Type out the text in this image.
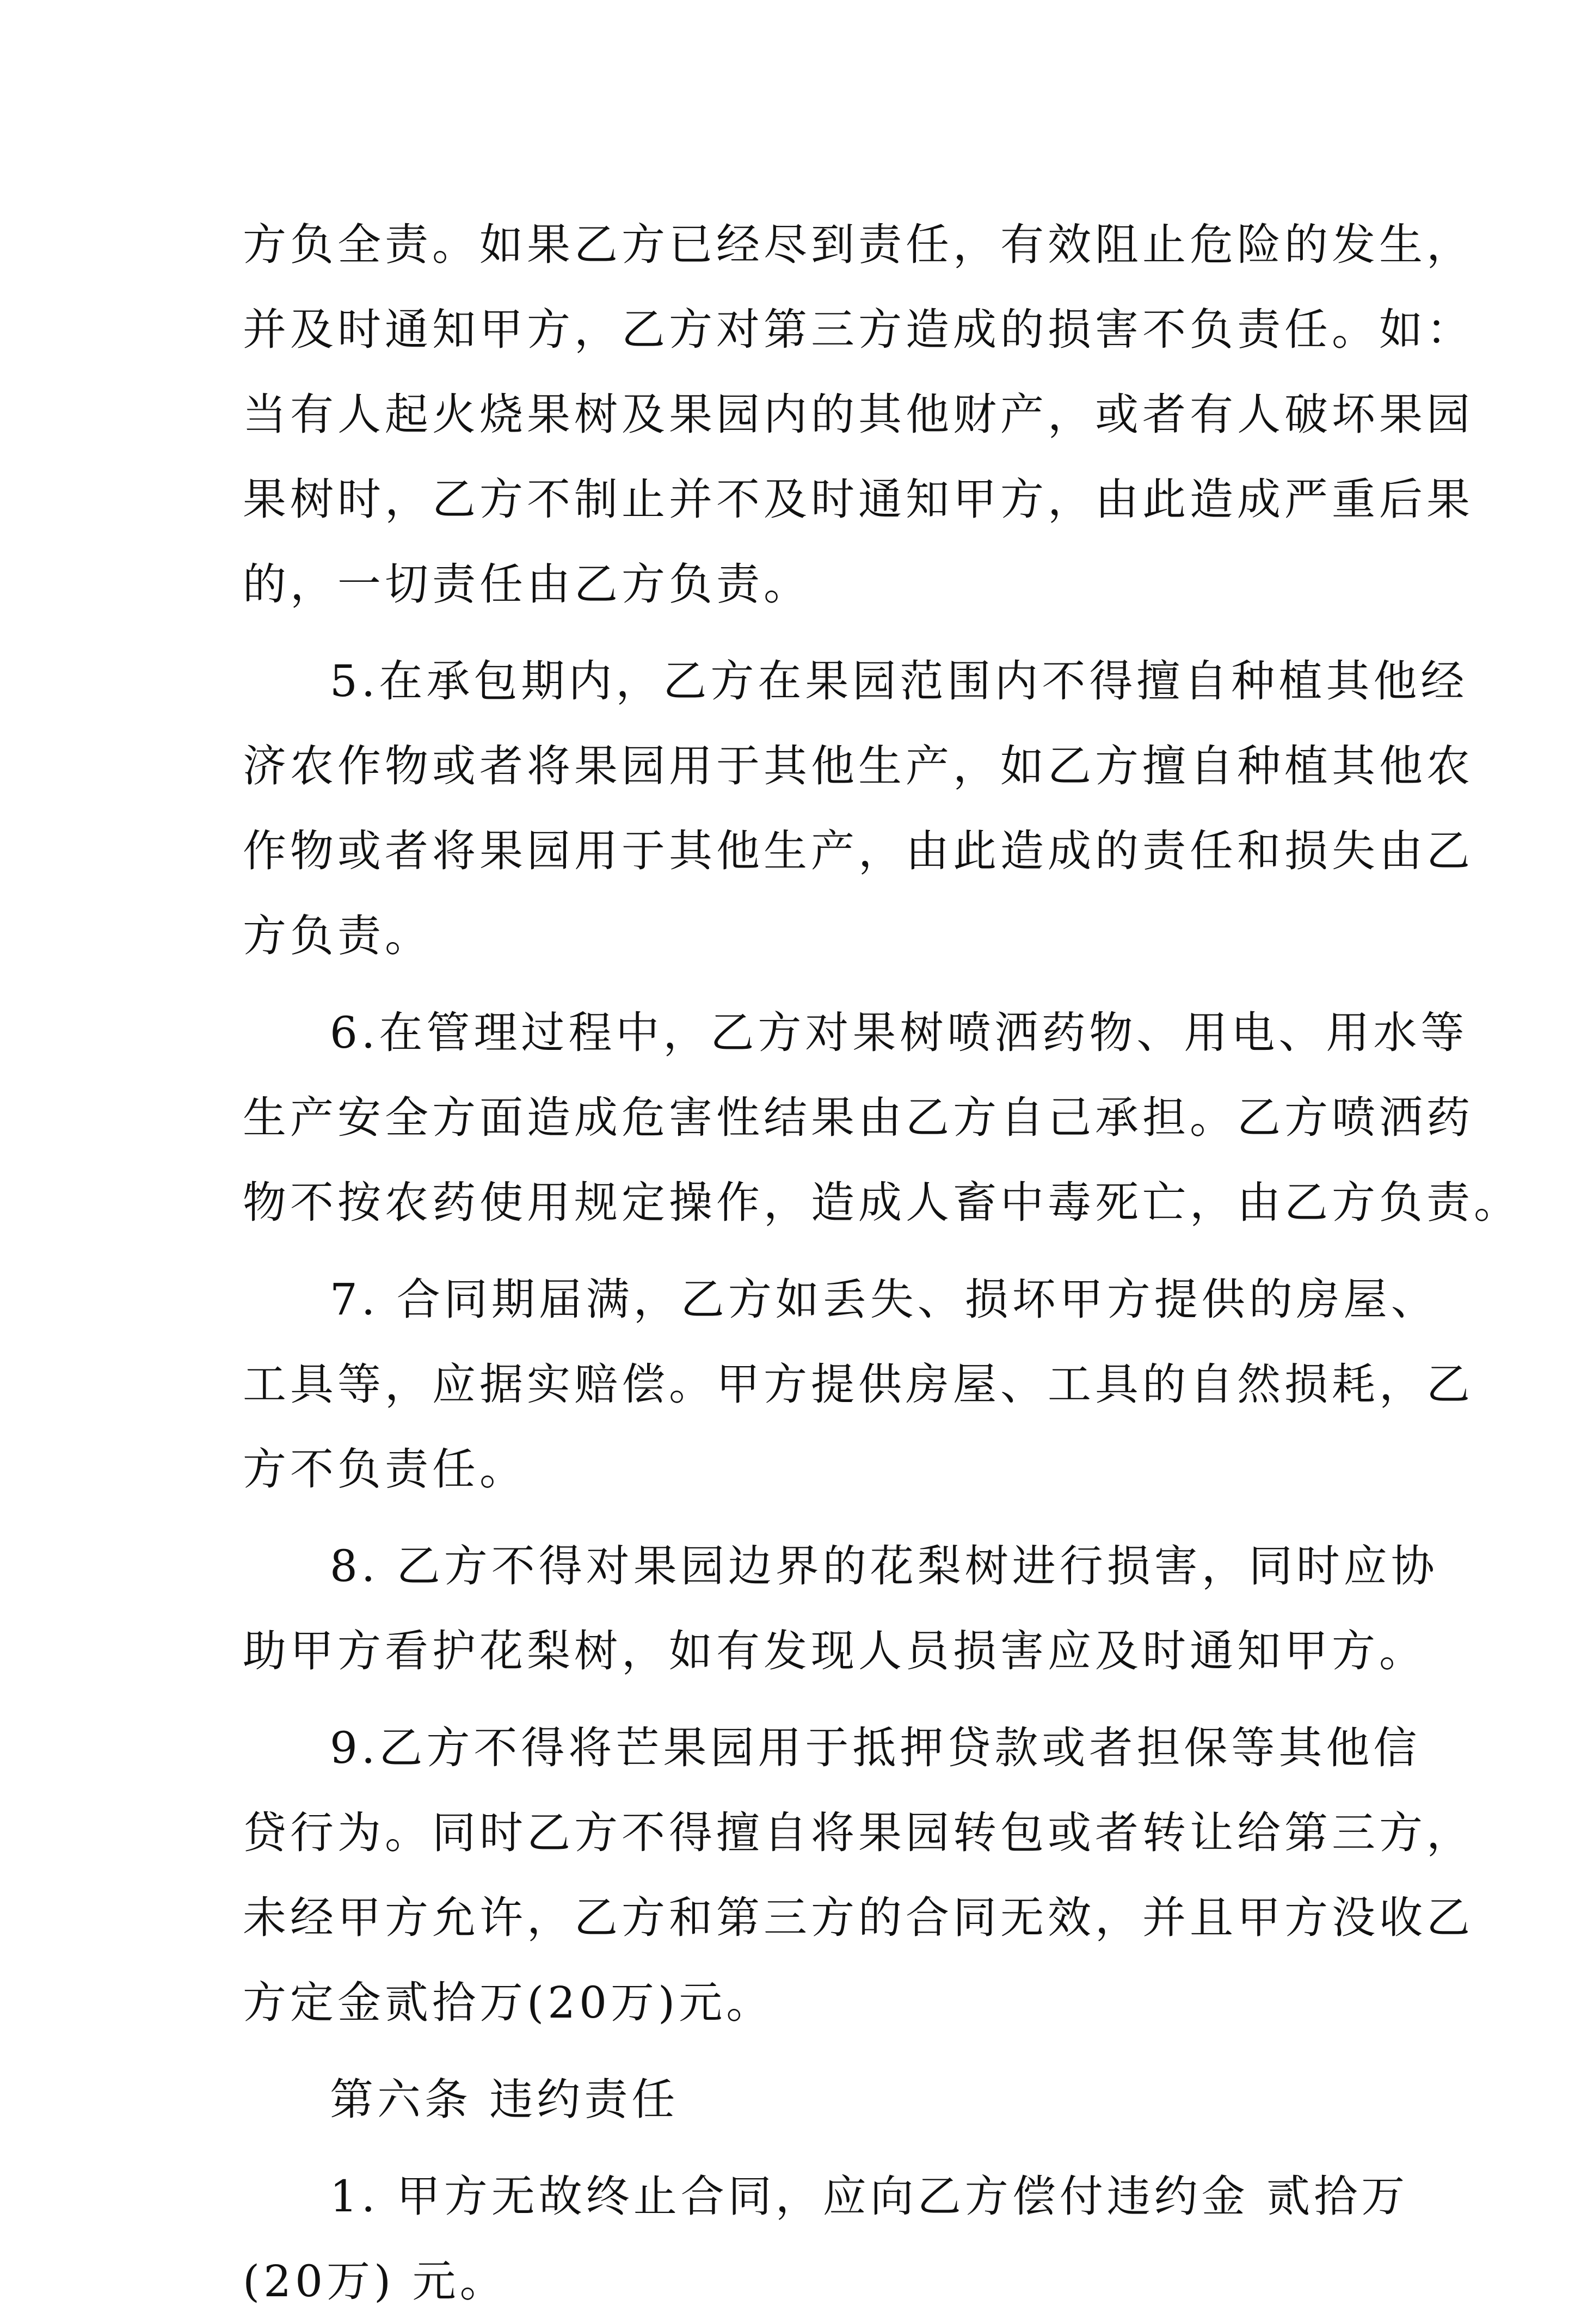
方负全责。如果乙方已经尽到责任，有效阻止危险的发生，
并及时通知甲方，乙方对第三方造成的损害不负责任。如：
当有人起火烧果树及果园内的其他财产，或者有人破坏果园
果树时，乙方不制止并不及时通知甲方，由此造成严重后果
的，一切责任由乙方负责。
5.在承包期内，乙方在果园范围内不得擅自种植其他经
济农作物或者将果园用于其他生产，如乙方擅自种植其他农
作物或者将果园用于其他生产，由此造成的责任和损失由乙
方负责。
6.在管理过程中，乙方对果树喷洒药物、用电、用水等
生产安全方面造成危害性结果由乙方自己承担。乙方喷洒药
物不按农药使用规定操作，造成人畜中毒死亡，由乙方负责。
7. 合同期届满，乙方如丢失、损坏甲方提供的房屋、
工具等，应据实赔偿。甲方提供房屋、工具的自然损耗，乙
方不负责任。
8. 乙方不得对果园边界的花梨树进行损害，同时应协
助甲方看护花梨树，如有发现人员损害应及时通知甲方。
9.乙方不得将芒果园用于抵押贷款或者担保等其他信
贷行为。同时乙方不得擅自将果园转包或者转让给第三方，
未经甲方允许，乙方和第三方的合同无效，并且甲方没收乙
方定金贰拾万(20万)元。
第六条 违约责任
1. 甲方无故终止合同，应向乙方偿付违约金 贰拾万
(20万) 元。
